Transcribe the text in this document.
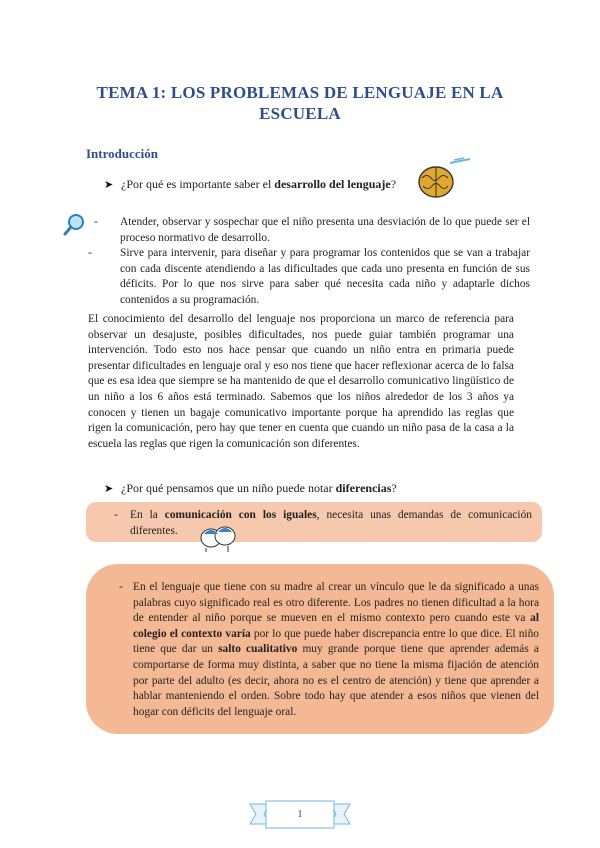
TEMA 1: LOS PROBLEMAS DE LENGUAJE EN LA ESCUELA
Introducción
➤ ¿Por qué es importante saber el desarrollo del lenguaje?
- Atender, observar y sospechar que el niño presenta una desviación de lo que puede ser el proceso normativo de desarrollo.
- Sirve para intervenir, para diseñar y para programar los contenidos que se van a trabajar con cada discente atendiendo a las dificultades que cada uno presenta en función de sus déficits. Por lo que nos sirve para saber qué necesita cada niño y adaptarle dichos contenidos a su programación.
El conocimiento del desarrollo del lenguaje nos proporciona un marco de referencia para observar un desajuste, posibles dificultades, nos puede guiar también programar una intervención. Todo esto nos hace pensar que cuando un niño entra en primaria puede presentar dificultades en lenguaje oral y eso nos tiene que hacer reflexionar acerca de lo falsa que es esa idea que siempre se ha mantenido de que el desarrollo comunicativo lingüístico de un niño a los 6 años está terminado. Sabemos que los niños alrededor de los 3 años ya conocen y tienen un bagaje comunicativo importante porque ha aprendido las reglas que rigen la comunicación, pero hay que tener en cuenta que cuando un niño pasa de la casa a la escuela las reglas que rigen la comunicación son diferentes.
➤ ¿Por qué pensamos que un niño puede notar diferencias?
- En la comunicación con los iguales, necesita unas demandas de comunicación diferentes.
- En el lenguaje que tiene con su madre al crear un vínculo que le da significado a unas palabras cuyo significado real es otro diferente. Los padres no tienen dificultad a la hora de entender al niño porque se mueven en el mismo contexto pero cuando este va al colegio el contexto varía por lo que puede haber discrepancia entre lo que dice. El niño tiene que dar un salto cualitativo muy grande porque tiene que aprender además a comportarse de forma muy distinta, a saber que no tiene la misma fijación de atención por parte del adulto (es decir, ahora no es el centro de atención) y tiene que aprender a hablar manteniendo el orden. Sobre todo hay que atender a esos niños que vienen del hogar con déficits del lenguaje oral.
1
